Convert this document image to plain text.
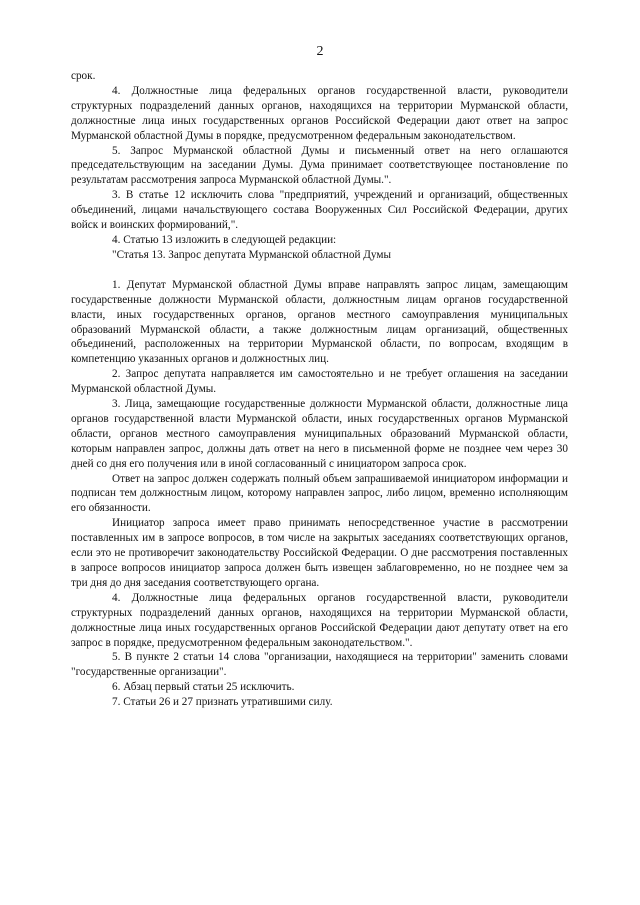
2

срок.

4. Должностные лица федеральных органов государственной власти, руководители структурных подразделений данных органов, находящихся на территории Мурманской области, должностные лица иных государственных органов Российской Федерации дают ответ на запрос Мурманской областной Думы в порядке, предусмотренном федеральным законодательством.

5. Запрос Мурманской областной Думы и письменный ответ на него оглашаются председательствующим на заседании Думы. Дума принимает соответствующее постановление по результатам рассмотрения запроса Мурманской областной Думы.".

3. В статье 12 исключить слова "предприятий, учреждений и организаций, общественных объединений, лицами начальствующего состава Вооруженных Сил Российской Федерации, других войск и воинских формирований,".

4. Статью 13 изложить в следующей редакции:

"Статья 13. Запрос депутата Мурманской областной Думы

1. Депутат Мурманской областной Думы вправе направлять запрос лицам, замещающим государственные должности Мурманской области, должностным лицам органов государственной власти, иных государственных органов, органов местного самоуправления муниципальных образований Мурманской области, а также должностным лицам организаций, общественных объединений, расположенных на территории Мурманской области, по вопросам, входящим в компетенцию указанных органов и должностных лиц.

2. Запрос депутата направляется им самостоятельно и не требует оглашения на заседании Мурманской областной Думы.

3. Лица, замещающие государственные должности Мурманской области, должностные лица органов государственной власти Мурманской области, иных государственных органов Мурманской области, органов местного самоуправления муниципальных образований Мурманской области, которым направлен запрос, должны дать ответ на него в письменной форме не позднее чем через 30 дней со дня его получения или в иной согласованный с инициатором запроса срок.

Ответ на запрос должен содержать полный объем запрашиваемой инициатором информации и подписан тем должностным лицом, которому направлен запрос, либо лицом, временно исполняющим его обязанности.

Инициатор запроса имеет право принимать непосредственное участие в рассмотрении поставленных им в запросе вопросов, в том числе на закрытых заседаниях соответствующих органов, если это не противоречит законодательству Российской Федерации. О дне рассмотрения поставленных в запросе вопросов инициатор запроса должен быть извещен заблаговременно, но не позднее чем за три дня до дня заседания соответствующего органа.

4. Должностные лица федеральных органов государственной власти, руководители структурных подразделений данных органов, находящихся на территории Мурманской области, должностные лица иных государственных органов Российской Федерации дают депутату ответ на его запрос в порядке, предусмотренном федеральным законодательством.".

5. В пункте 2 статьи 14 слова "организации, находящиеся на территории" заменить словами "государственные организации".

6. Абзац первый статьи 25 исключить.

7. Статьи 26 и 27 признать утратившими силу.
